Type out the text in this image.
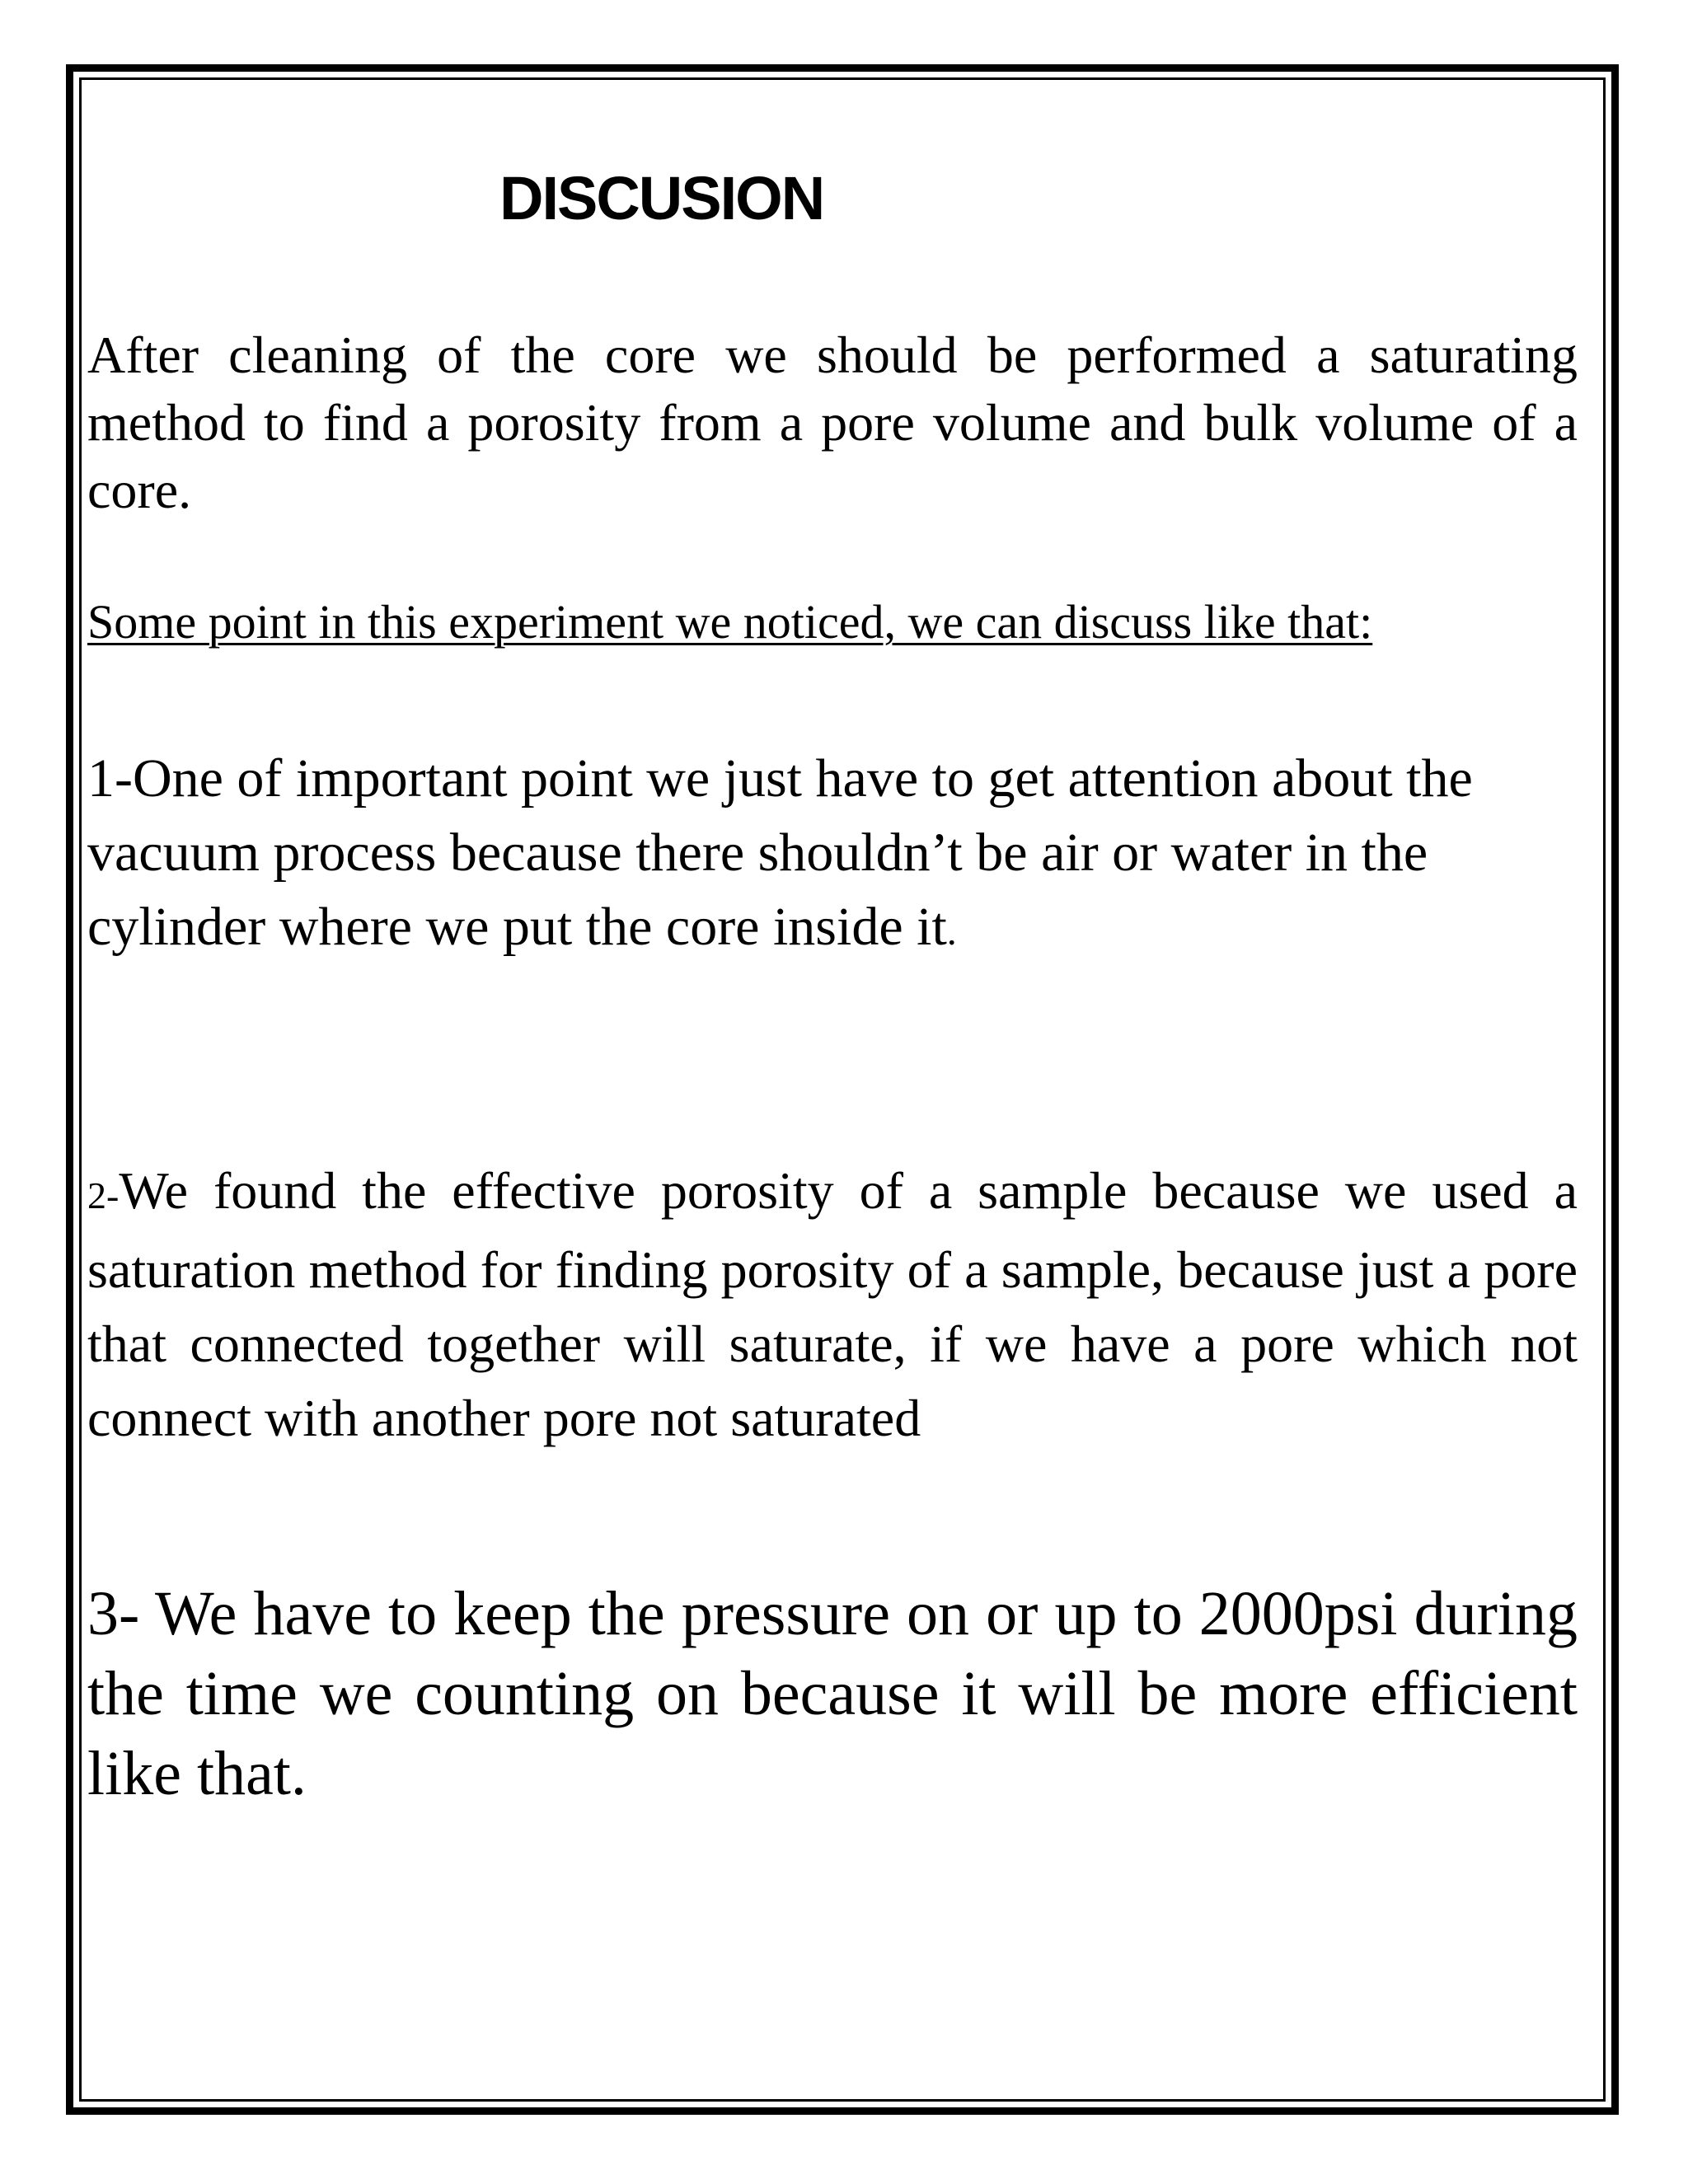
DISCUSION

After cleaning of the core we should be performed a saturating method to find a porosity from a pore volume and bulk volume of a core.

Some point in this experiment we noticed, we can discuss like that:

1-One of important point we just have to get attention about the vacuum process because there shouldn’t be air or water in the cylinder where we put the core inside it.

2-We found the effective porosity of a sample because we used a saturation method for finding porosity of a sample, because just a pore that connected together will saturate, if we have a pore which not connect with another pore not saturated

3- We have to keep the pressure on or up to 2000psi during the time we counting on because it will be more efficient like that.
